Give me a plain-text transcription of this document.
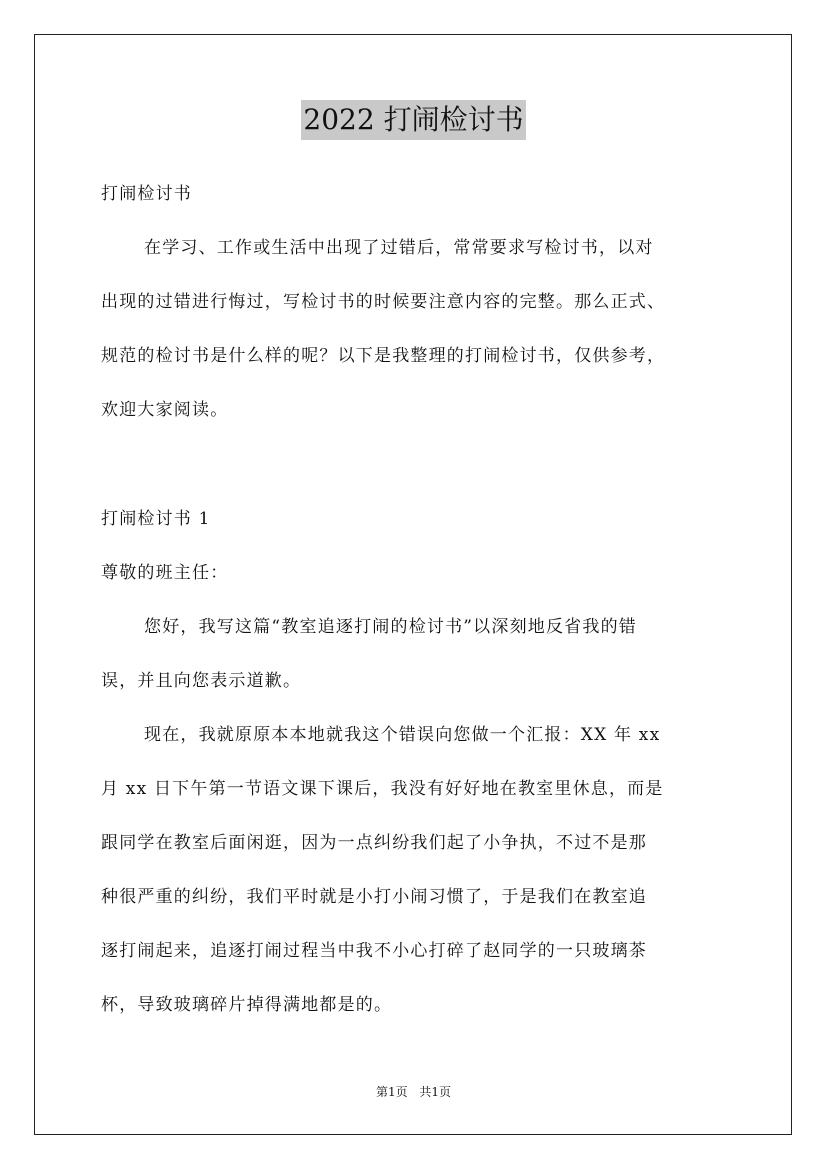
2022 打闹检讨书
打闹检讨书
在学习、工作或生活中出现了过错后，常常要求写检讨书，以对
出现的过错进行悔过，写检讨书的时候要注意内容的完整。那么正式、
规范的检讨书是什么样的呢？以下是我整理的打闹检讨书，仅供参考，
欢迎大家阅读。
打闹检讨书 1
尊敬的班主任：
您好，我写这篇“教室追逐打闹的检讨书”以深刻地反省我的错
误，并且向您表示道歉。
现在，我就原原本本地就我这个错误向您做一个汇报：XX 年 xx
月 xx 日下午第一节语文课下课后，我没有好好地在教室里休息，而是
跟同学在教室后面闲逛，因为一点纠纷我们起了小争执，不过不是那
种很严重的纠纷，我们平时就是小打小闹习惯了，于是我们在教室追
逐打闹起来，追逐打闹过程当中我不小心打碎了赵同学的一只玻璃茶
杯，导致玻璃碎片掉得满地都是的。
第1页 共1页
